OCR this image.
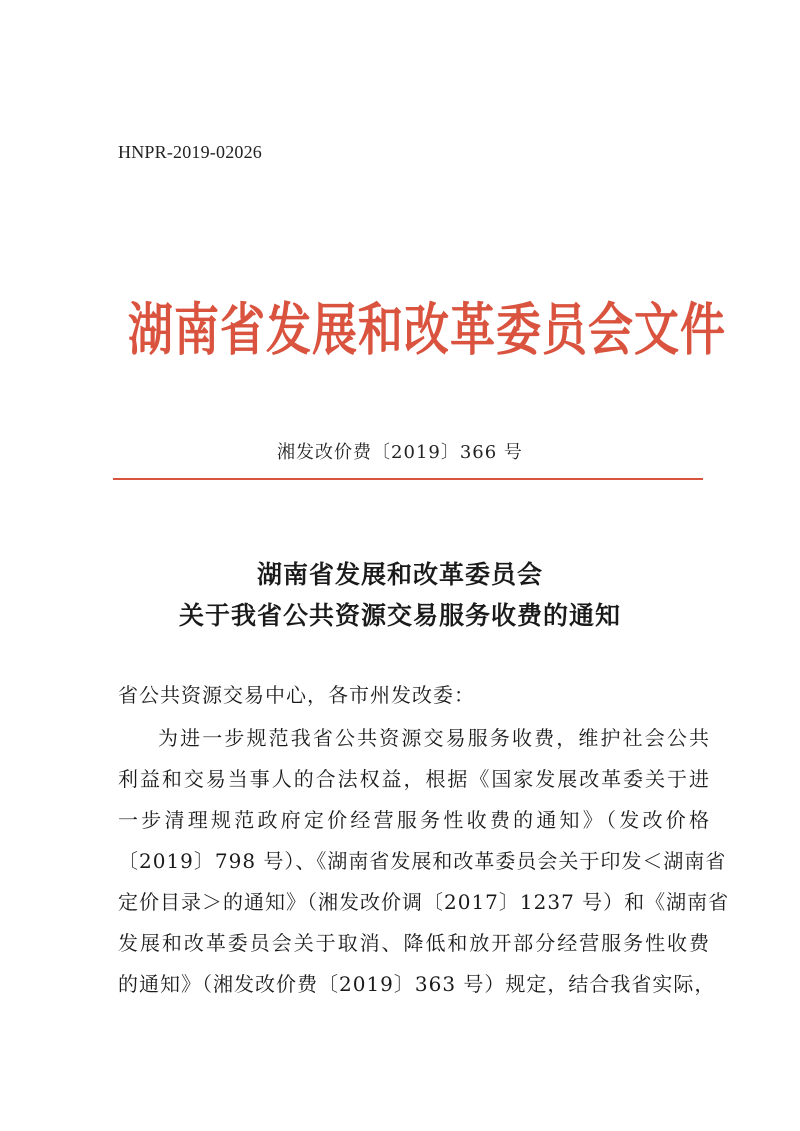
HNPR-2019-02026
湖南省发展和改革委员会文件
湘发改价费〔2019〕366 号
湖南省发展和改革委员会
关于我省公共资源交易服务收费的通知
省公共资源交易中心，各市州发改委：
为进一步规范我省公共资源交易服务收费，维护社会公共
利益和交易当事人的合法权益，根据《国家发展改革委关于进
一步清理规范政府定价经营服务性收费的通知》（发改价格
〔2019〕798 号）、《湖南省发展和改革委员会关于印发＜湖南省
定价目录＞的通知》（湘发改价调〔2017〕1237 号）和《湖南省
发展和改革委员会关于取消、降低和放开部分经营服务性收费
的通知》（湘发改价费〔2019〕363 号）规定，结合我省实际，
